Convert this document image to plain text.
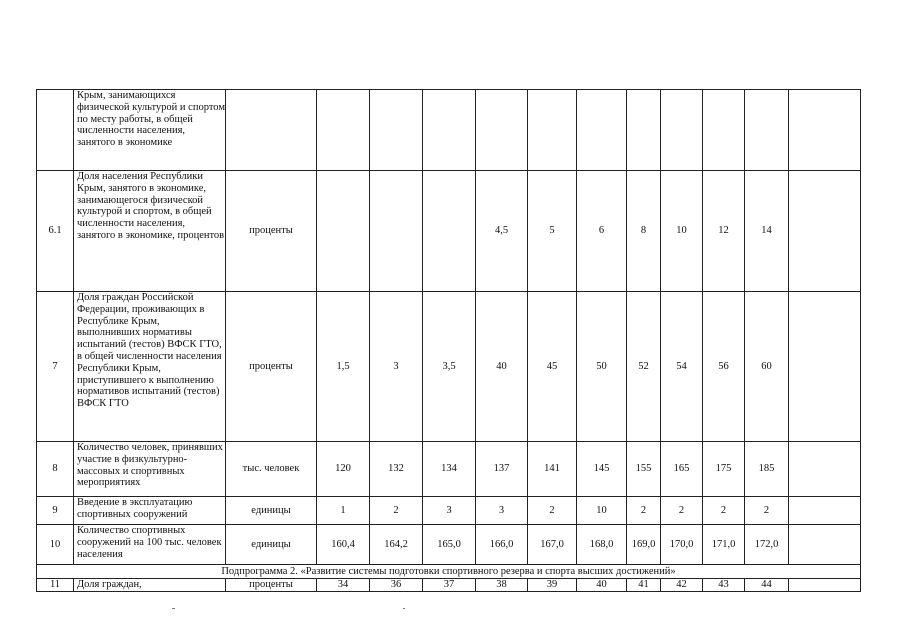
	Крым, занимающихся физической культурой и спортом по месту работы, в общей численности населения, занятого в экономике												
6.1	Доля населения Республики Крым, занятого в экономике, занимающегося физической культурой и спортом, в общей численности населения, занятого в экономике, процентов	проценты				4,5	5	6	8	10	12	14	
7	Доля граждан Российской Федерации, проживающих в Республике Крым, выполнивших нормативы испытаний (тестов) ВФСК ГТО, в общей численности населения Республики Крым, приступившего к выполнению нормативов испытаний (тестов) ВФСК ГТО	проценты	1,5	3	3,5	40	45	50	52	54	56	60	
8	Количество человек, принявших участие в физкультурно-массовых и спортивных мероприятиях	тыс. человек	120	132	134	137	141	145	155	165	175	185	
9	Введение в эксплуатацию спортивных сооружений	единицы	1	2	3	3	2	10	2	2	2	2	
10	Количество спортивных сооружений на 100 тыс. человек населения	единицы	160,4	164,2	165,0	166,0	167,0	168,0	169,0	170,0	171,0	172,0	
Подпрограмма 2. «Развитие системы подготовки спортивного резерва и спорта высших достижений»													
11	Доля граждан,	проценты	34	36	37	38	39	40	41	42	43	44	
